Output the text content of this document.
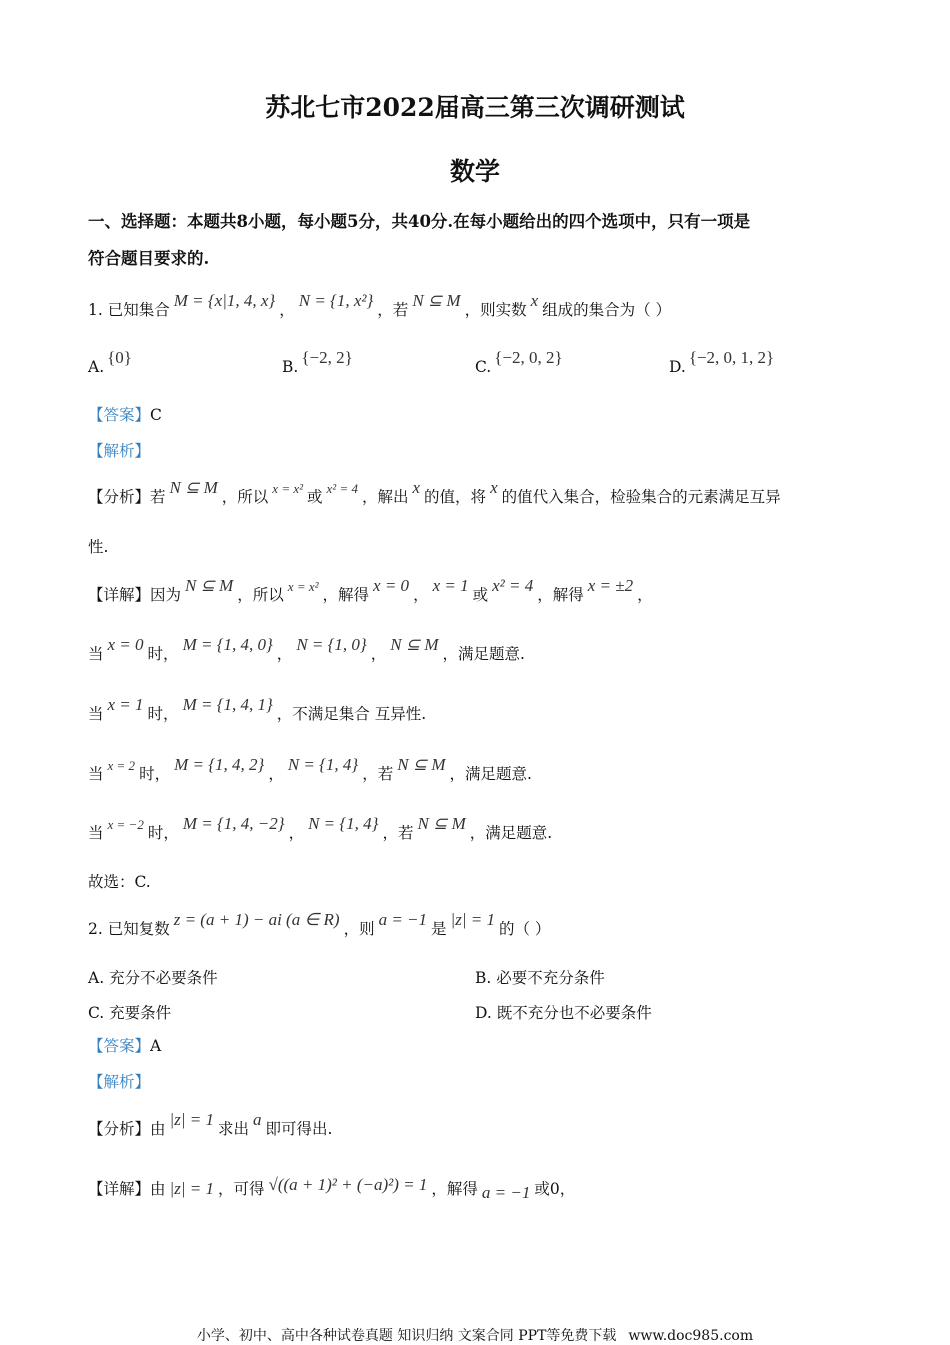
苏北七市2022届高三第三次调研测试
数学
一、选择题：本题共8小题，每小题5分，共40分.在每小题给出的四个选项中，只有一项是
符合题目要求的.
1. 已知集合 M = {x|1, 4, x} ， N = {1, x²} ，若 N ⊆ M ，则实数 x 组成的集合为（ ）
A. {0}	B. {−2, 2}	C. {−2, 0, 2}	D. {−2, 0, 1, 2}
【答案】C
【解析】
【分析】若 N ⊆ M ，所以 $^{x = x^2}$ 或 $^{x^2 = 4}$ ，解出 x 的值，将 x 的值代入集合，检验集合的元素满足互异
性.
【详解】因为 N ⊆ M ，所以 $^{x = x^2}$ ，解得 x = 0 ， x = 1 或 x² = 4 ，解得 x = ±2 ，
当 x = 0 时， M = {1, 4, 0} ， N = {1, 0} ， N ⊆ M ，满足题意.
当 x = 1 时， M = {1, 4, 1} ，不满足集合 互异性.
当 $^{x = 2}$ 时， M = {1, 4, 2} ， N = {1, 4} ，若 N ⊆ M ，满足题意.
当 $^{x = -2}$ 时， M = {1, 4, −2} ， N = {1, 4} ，若 N ⊆ M ，满足题意.
故选：C.
2. 已知复数 z = (a + 1) − ai (a ∈ R) ，则 a = −1 是 |z| = 1 的（ ）
A. 充分不必要条件	B. 必要不充分条件
C. 充要条件	D. 既不充分也不必要条件
【答案】A
【解析】
【分析】由 |z| = 1 求出 a 即可得出.
【详解】由 |z| = 1 ，可得 √((a + 1)² + (−a)²) = 1 ，解得 a = −1 或0，
小学、初中、高中各种试卷真题 知识归纳 文案合同 PPT等免费下载 www.doc985.com
